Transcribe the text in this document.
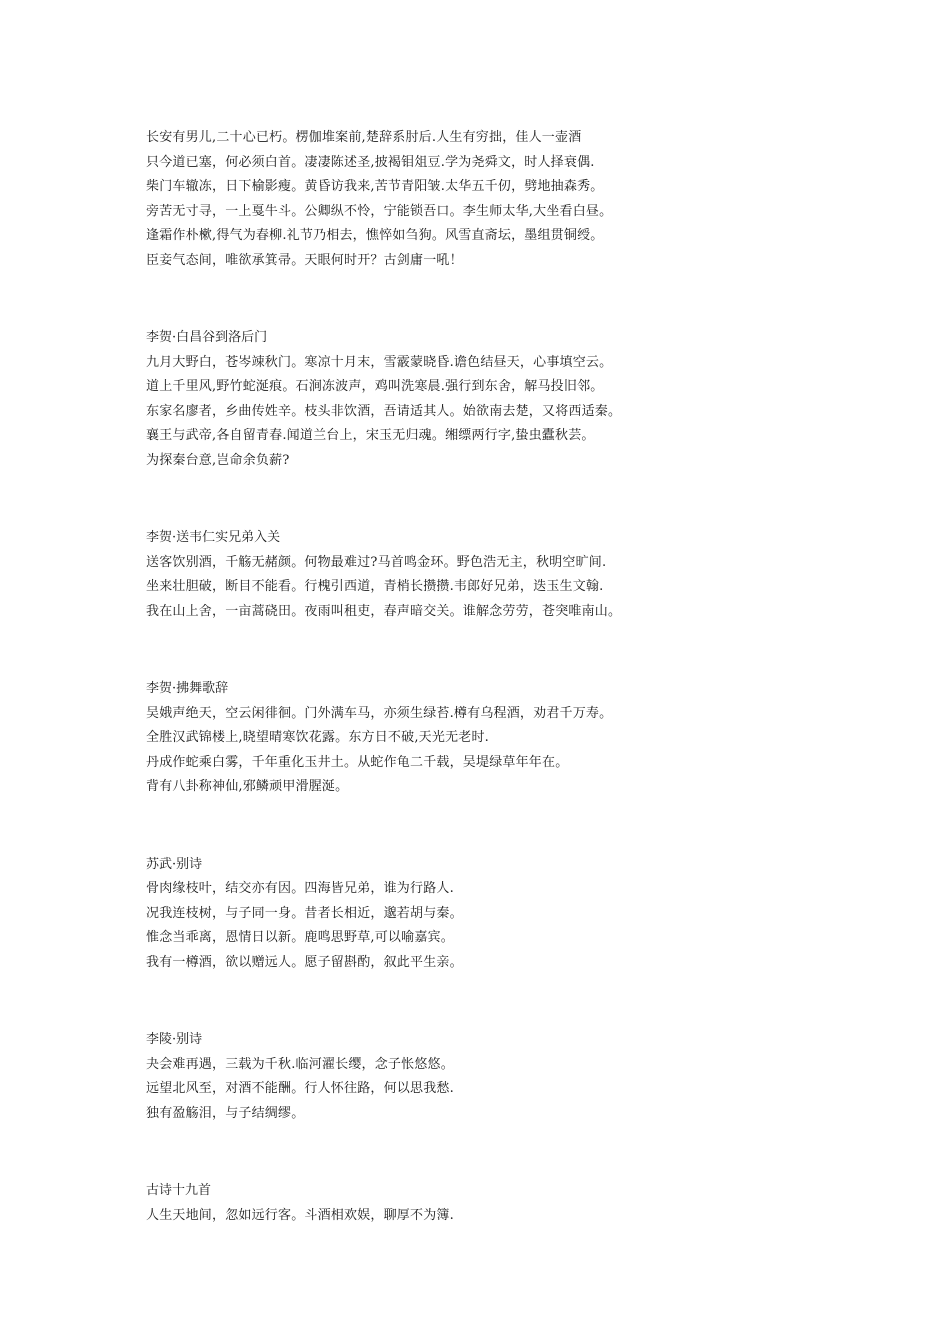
长安有男儿,二十心已朽。楞伽堆案前,楚辞系肘后.人生有穷拙，佳人一壶酒
只今道已塞，何必须白首。凄凄陈述圣,披褐钼俎豆.学为尧舜文，时人择衰偶.
柴门车辙冻，日下榆影瘦。黄昏访我来,苦节青阳皱.太华五千仞，劈地抽森秀。
旁苦无寸寻，一上戛牛斗。公卿纵不怜，宁能锁吾口。李生师太华,大坐看白昼。
逢霜作朴樕,得气为春柳.礼节乃相去，憔悴如刍狗。风雪直斋坛，墨组贯铜绶。
臣妾气态间，唯欲承箕帚。天眼何时开？古剑庸一吼！
李贺·白昌谷到洛后门
九月大野白，苍岑竦秋门。寒凉十月末，雪霰蒙晓昏.谵色结昼天，心事填空云。
道上千里风,野竹蛇涎痕。石涧冻波声，鸡叫洗寒晨.强行到东舍，解马投旧邻。
东家名廖者，乡曲传姓辛。枝头非饮酒，吾请适其人。始欲南去楚，又将西适秦。
襄王与武帝,各自留青春.闻道兰台上，宋玉无归魂。缃缥两行字,蛰虫蠹秋芸。
为探秦台意,岂命余负薪?
李贺·送韦仁实兄弟入关
送客饮别酒，千觞无赭颜。何物最难过?马首鸣金环。野色浩无主，秋明空旷间.
坐来壮胆破，断目不能看。行槐引西道，青梢长攒攒.韦郎好兄弟，迭玉生文翰.
我在山上舍，一亩蒿硗田。夜雨叫租吏，春声暗交关。谁解念劳劳，苍突唯南山。
李贺·拂舞歌辞
吴娥声绝天，空云闲徘徊。门外满车马，亦须生绿苔.樽有乌程酒，劝君千万寿。
全胜汉武锦楼上,晓望晴寒饮花露。东方日不破,天光无老时.
丹成作蛇乘白雾，千年重化玉井土。从蛇作龟二千载，吴堤绿草年年在。
背有八卦称神仙,邪鳞顽甲滑腥涎。
苏武·别诗
骨肉缘枝叶，结交亦有因。四海皆兄弟，谁为行路人.
况我连枝树，与子同一身。昔者长相近，邈若胡与秦。
惟念当乖离，恩情日以新。鹿鸣思野草,可以喻嘉宾。
我有一樽酒，欲以赠远人。愿子留斟酌，叙此平生亲。
李陵·别诗
夬会难再遇，三载为千秋.临河濯长缨，念子怅悠悠。
远望北风至，对酒不能酬。行人怀往路，何以思我愁.
独有盈觞泪，与子结绸缪。
古诗十九首
人生天地间，忽如远行客。斗酒相欢娱，聊厚不为簿.
